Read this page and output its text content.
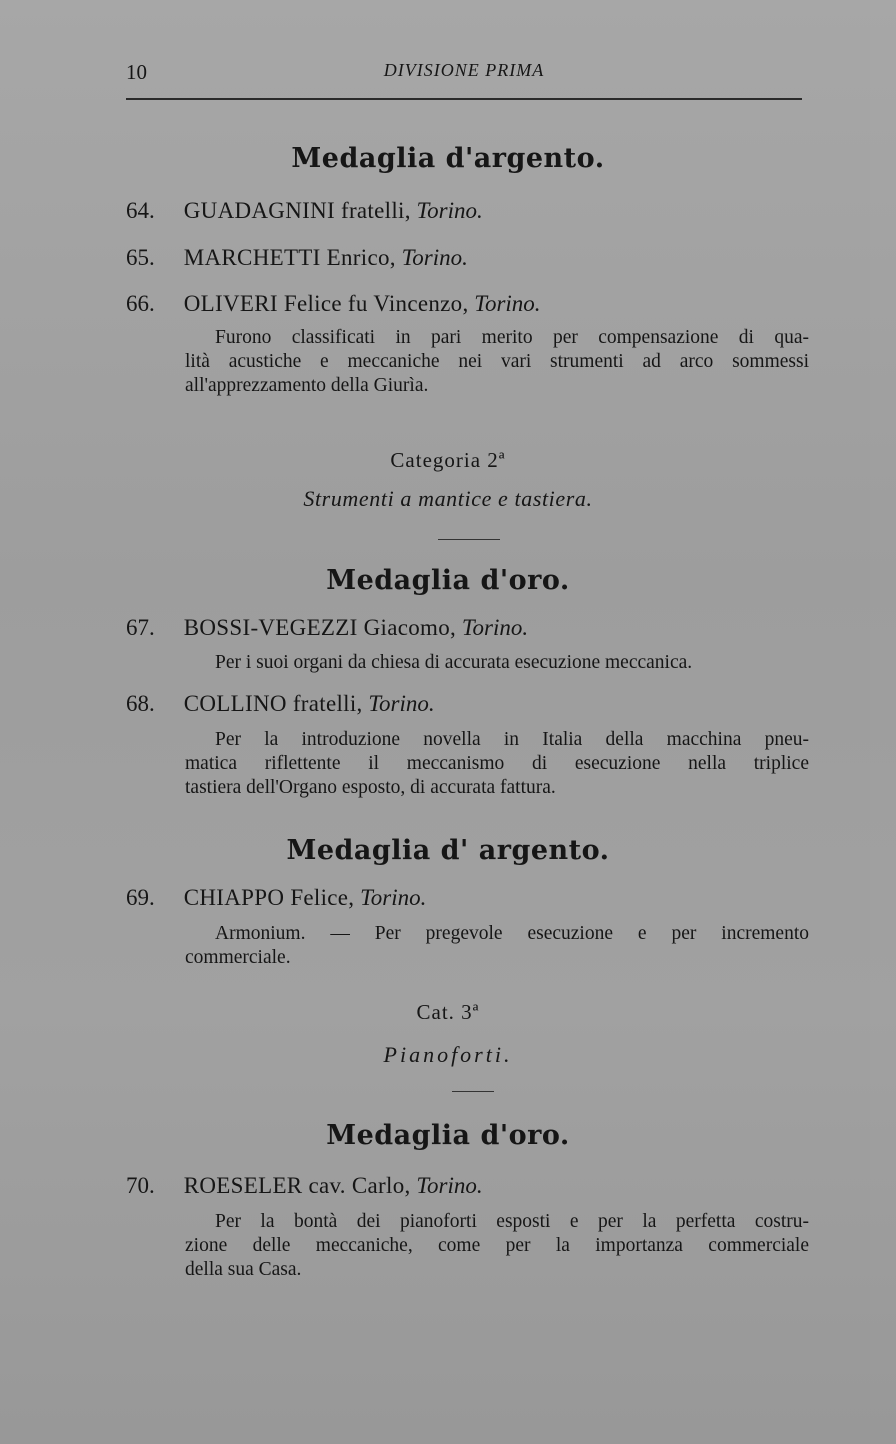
10	DIVISIONE PRIMA
Medaglia d'argento.
64. GUADAGNINI fratelli, Torino.
65. MARCHETTI Enrico, Torino.
66. OLIVERI Felice fu Vincenzo, Torino.
Furono classificati in pari merito per compensazione di qua-
lità acustiche e meccaniche nei vari strumenti ad arco sommessi
all'apprezzamento della Giurìa.
Categoria 2ª
Strumenti a mantice e tastiera.
Medaglia d'oro.
67. BOSSI-VEGEZZI Giacomo, Torino.
Per i suoi organi da chiesa di accurata esecuzione meccanica.
68. COLLINO fratelli, Torino.
Per la introduzione novella in Italia della macchina pneu-
matica riflettente il meccanismo di esecuzione nella triplice
tastiera dell'Organo esposto, di accurata fattura.
Medaglia d' argento.
69. CHIAPPO Felice, Torino.
Armonium. — Per pregevole esecuzione e per incremento
commerciale.
Cat. 3ª
Pianoforti.
Medaglia d'oro.
70. ROESELER cav. Carlo, Torino.
Per la bontà dei pianoforti esposti e per la perfetta costru-
zione delle meccaniche, come per la importanza commerciale
della sua Casa.
